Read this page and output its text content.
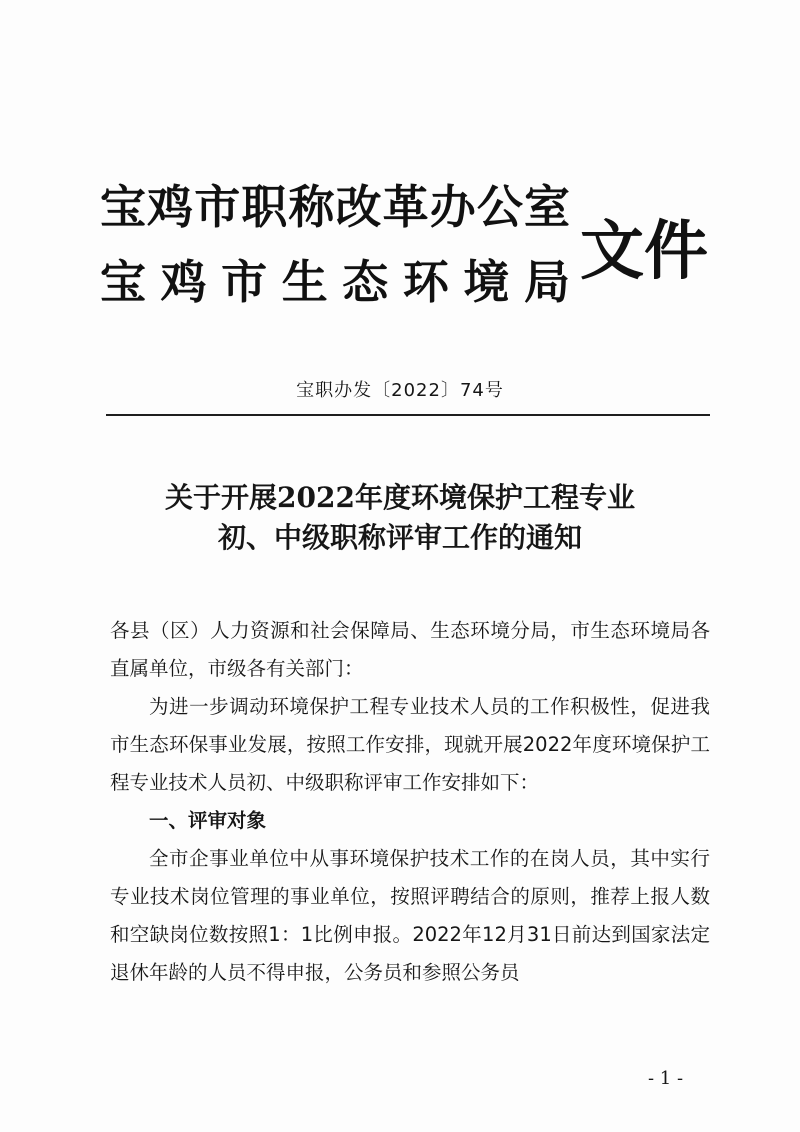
宝 鸡 市 职 称 改 革 办 公 室
宝 鸡 市 生 态 环 境 局 文件
宝职办发〔2022〕74号
关于开展2022年度环境保护工程专业
初、中级职称评审工作的通知

各县（区）人力资源和社会保障局、生态环境分局，市生态环境局各直属单位，市级各有关部门：

为进一步调动环境保护工程专业技术人员的工作积极性，促进我市生态环保事业发展，按照工作安排，现就开展2022年度环境保护工程专业技术人员初、中级职称评审工作安排如下：

一、评审对象

全市企事业单位中从事环境保护技术工作的在岗人员，其中实行专业技术岗位管理的事业单位，按照评聘结合的原则，推荐上报人数和空缺岗位数按照1：1比例申报。2022年12月31日前达到国家法定退休年龄的人员不得申报，公务员和参照公务员

- 1 -
